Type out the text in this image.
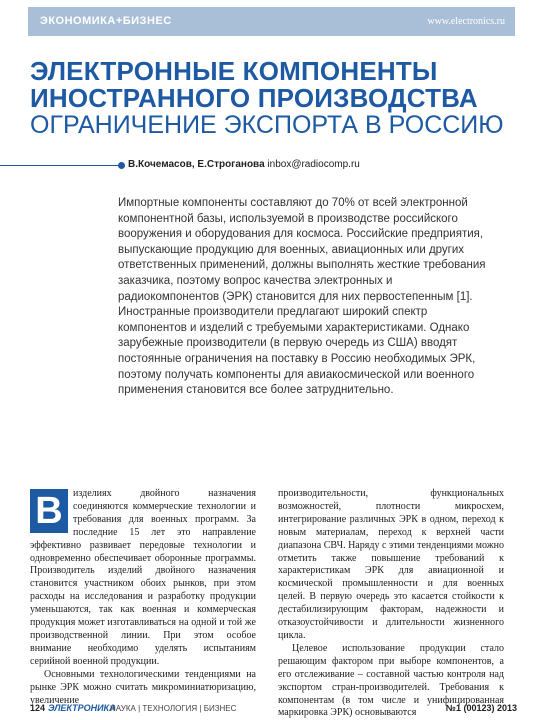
ЭКОНОМИКА+БИЗНЕС	www.electronics.ru
ЭЛЕКТРОННЫЕ КОМПОНЕНТЫ
ИНОСТРАННОГО ПРОИЗВОДСТВА
ОГРАНИЧЕНИЕ ЭКСПОРТА В РОССИЮ
В.Кочемасов, Е.Строганова inbox@radiocomp.ru
Импортные компоненты составляют до 70% от всей электронной компонентной базы, используемой в производстве российского вооружения и оборудования для космоса. Российские предприятия, выпускающие продукцию для военных, авиационных или других ответственных применений, должны выполнять жесткие требования заказчика, поэтому вопрос качества электронных и радиокомпонентов (ЭРК) становится для них первостепенным [1]. Иностранные производители предлагают широкий спектр компонентов и изделий с требуемыми характеристиками. Однако зарубежные производители (в первую очередь из США) вводят постоянные ограничения на поставку в Россию необходимых ЭРК, поэтому получать компоненты для авиакосмической или военного применения становится все более затруднительно.
В	изделиях двойного назначения соединяются коммерческие технологии и требования для военных программ. За последние 15 лет это направление эффективно развивает передовые технологии и одновременно обеспечивает оборонные программы. Производитель изделий двойного назначения становится участником обоих рынков, при этом расходы на исследования и разработку продукции уменьшаются, так как военная и коммерческая продукция может изготавливаться на одной и той же производственной линии. При этом особое внимание необходимо уделять испытаниям серийной военной продукции.

Основными технологическими тенденциями на рынке ЭРК можно считать микроминиатюризацию, увеличение

производительности, функциональных возможностей, плотности микросхем, интегрирование различных ЭРК в одном, переход к новым материалам, переход к верхней части диапазона СВЧ. Наряду с этими тенденциями можно отметить также повышение требований к характеристикам ЭРК для авиационной и космической промышленности и для военных целей. В первую очередь это касается стойкости к дестабилизирующим факторам, надежности и отказоустойчивости и длительности жизненного цикла.

Целевое использование продукции стало решающим фактором при выборе компонентов, а его отслеживание – составной частью контроля над экспортом стран-производителей. Требования к компонентам (в том числе и унифицированная маркировка ЭРК) основываются

124 ЭЛЕКТРОНИКА
НАУКА | ТЕХНОЛОГИЯ | БИЗНЕС	№1 (00123) 2013
